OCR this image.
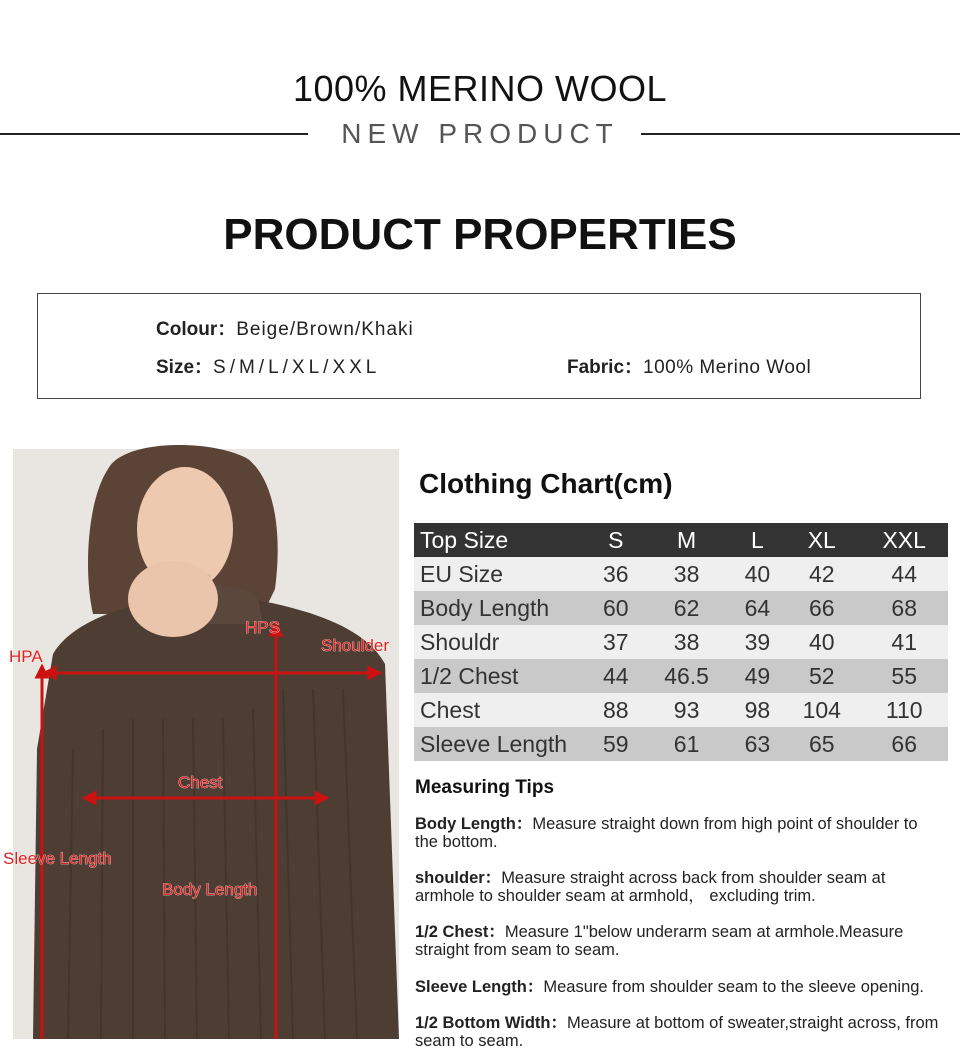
100% MERINO WOOL
NEW PRODUCT
PRODUCT PROPERTIES
Colour：Beige/Brown/Khaki
Size：S/M/L/XL/XXL	Fabric：100% Merino Wool
HPA
HPS
Shoulder
Chest
Sleeve Length
Body Length
Clothing Chart(cm)
Top Size	S	M	L	XL	XXL
EU Size	36	38	40	42	44
Body Length	60	62	64	66	68
Shouldr	37	38	39	40	41
1/2 Chest	44	46.5	49	52	55
Chest	88	93	98	104	110
Sleeve Length	59	61	63	65	66
Measuring Tips
Body Length：Measure straight down from high point of shoulder to the bottom.
shoulder：Measure straight across back from shoulder seam at armhole to shoulder seam at armhold， excluding trim.
1/2 Chest：Measure 1"below underarm seam at armhole.Measure straight from seam to seam.
Sleeve Length：Measure from shoulder seam to the sleeve opening.
1/2 Bottom Width：Measure at bottom of sweater,straight across, from seam to seam.
